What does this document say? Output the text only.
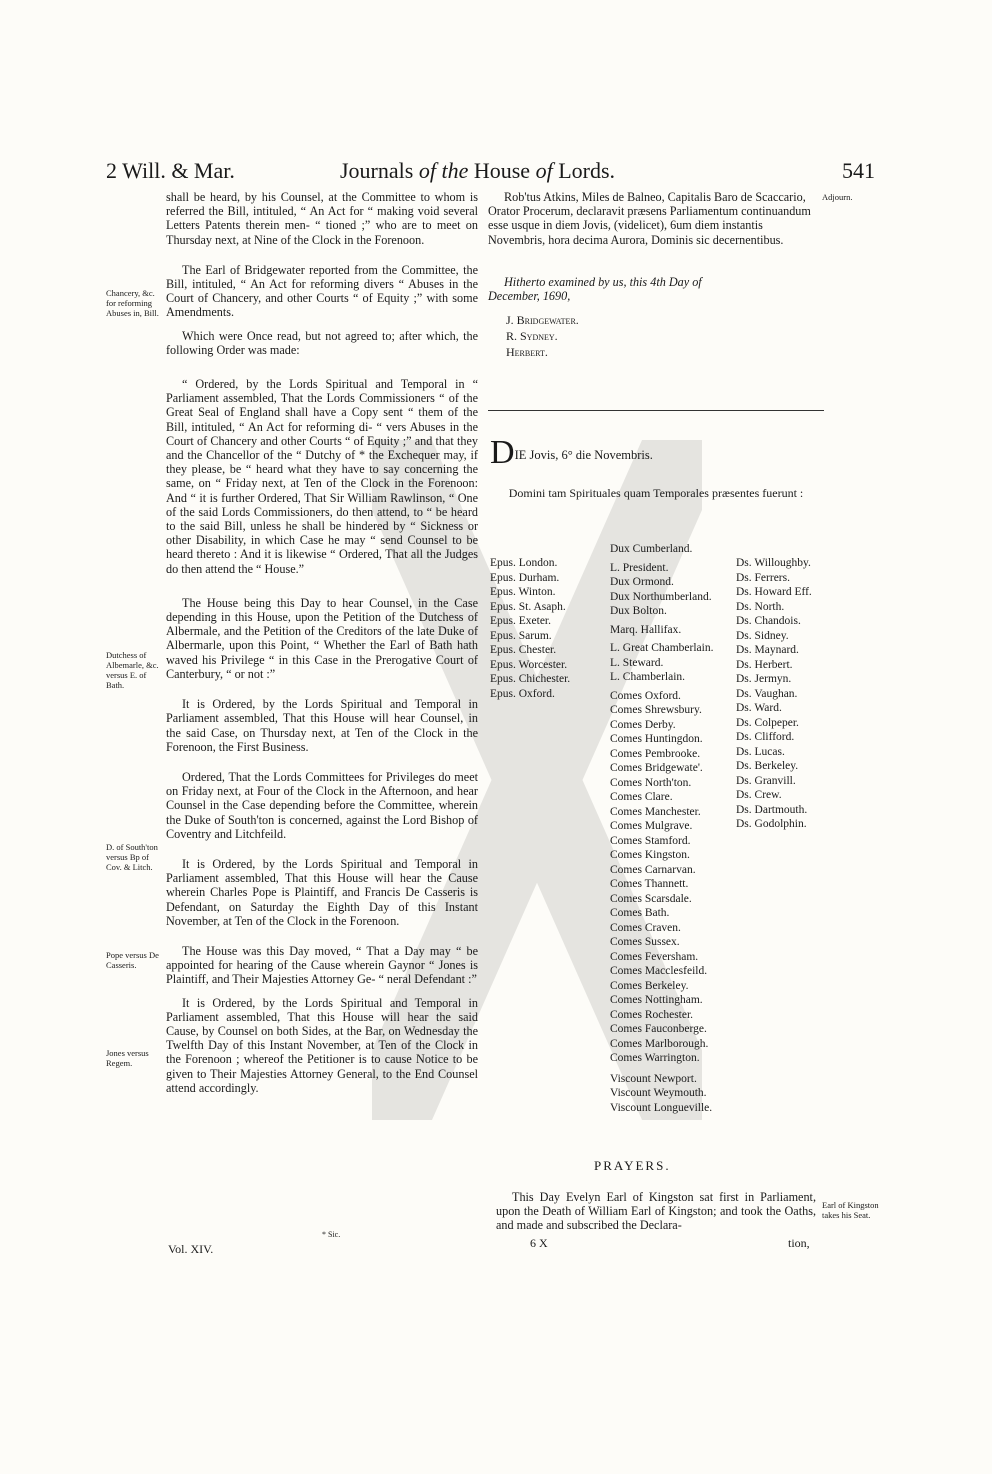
2 Will. & Mar.	Journals of the House of Lords.	541
Chancery, &c. for reforming Abuses in, Bill.
Dutchess of Albemarle, &c. versus E. of Bath.
D. of South'ton versus Bp of Cov. & Litch.
Pope versus De Casseris.
Jones versus Regem.

shall be heard, by his Counsel, at the Committee to whom is referred the Bill, intituled, “ An Act for “ making void several Letters Patents therein men- “ tioned ;” who are to meet on Thursday next, at Nine of the Clock in the Forenoon.

The Earl of Bridgewater reported from the Committee, the Bill, intituled, “ An Act for reforming divers “ Abuses in the Court of Chancery, and other Courts “ of Equity ;” with some Amendments.

Which were Once read, but not agreed to; after which, the following Order was made:

“ Ordered, by the Lords Spiritual and Temporal in “ Parliament assembled, That the Lords Commissioners “ of the Great Seal of England shall have a Copy sent “ them of the Bill, intituled, “ An Act for reforming di- “ vers Abuses in the Court of Chancery and other Courts “ of Equity ;” and that they and the Chancellor of the “ Dutchy of * the Exchequer may, if they please, be “ heard what they have to say concerning the same, on “ Friday next, at Ten of the Clock in the Forenoon: And “ it is further Ordered, That Sir William Rawlinson, “ One of the said Lords Commissioners, do then attend, to “ be heard to the said Bill, unless he shall be hindered by “ Sickness or other Disability, in which Case he may “ send Counsel to be heard thereto : And it is likewise “ Ordered, That all the Judges do then attend the “ House.”

The House being this Day to hear Counsel, in the Case depending in this House, upon the Petition of the Dutchess of Albermale, and the Petition of the Creditors of the late Duke of Albermarle, upon this Point, “ Whether the Earl of Bath hath waved his Privilege “ in this Case in the Prerogative Court of Canterbury, “ or not :”

It is Ordered, by the Lords Spiritual and Temporal in Parliament assembled, That this House will hear Counsel, in the said Case, on Thursday next, at Ten of the Clock in the Forenoon, the First Business.

Ordered, That the Lords Committees for Privileges do meet on Friday next, at Four of the Clock in the Afternoon, and hear Counsel in the Case depending before the Committee, wherein the Duke of South'ton is concerned, against the Lord Bishop of Coventry and Litchfeild.

It is Ordered, by the Lords Spiritual and Temporal in Parliament assembled, That this House will hear the Cause wherein Charles Pope is Plaintiff, and Francis De Casseris is Defendant, on Saturday the Eighth Day of this Instant November, at Ten of the Clock in the Forenoon.

The House was this Day moved, “ That a Day may “ be appointed for hearing of the Cause wherein Gaynor “ Jones is Plaintiff, and Their Majesties Attorney Ge- “ neral Defendant :”

It is Ordered, by the Lords Spiritual and Temporal in Parliament assembled, That this House will hear the said Cause, by Counsel on both Sides, at the Bar, on Wednesday the Twelfth Day of this Instant November, at Ten of the Clock in the Forenoon ; whereof the Petitioner is to cause Notice to be given to Their Majesties Attorney General, to the End Counsel attend accordingly.

* Sic.
Vol. XIV.
Adjourn.
Earl of Kingston takes his Seat.

Rob'tus Atkins, Miles de Balneo, Capitalis Baro de Scaccario, Orator Procerum, declaravit præsens Parliamentum continuandum esse usque in diem Jovis, (videlicet), 6um diem instantis Novembris, hora decima Aurora, Dominis sic decernentibus.

Hitherto examined by us, this 4th Day of December, 1690,

J. Bridgewater.
R. Sydney.
Herbert.
DIE Jovis, 6° die Novembris.
Domini tam Spirituales quam Temporales præsentes fuerunt :
Epus. London.
Epus. Durham.
Epus. Winton.
Epus. St. Asaph.
Epus. Exeter.
Epus. Sarum.
Epus. Chester.
Epus. Worcester.
Epus. Chichester.
Epus. Oxford.
Dux Cumberland.
L. President.
Dux Ormond.
Dux Northumberland.
Dux Bolton.
Marq. Hallifax.
L. Great Chamberlain.
L. Steward.
L. Chamberlain.
Comes Oxford.
Comes Shrewsbury.
Comes Derby.
Comes Huntingdon.
Comes Pembrooke.
Comes Bridgewate'.
Comes North'ton.
Comes Clare.
Comes Manchester.
Comes Mulgrave.
Comes Stamford.
Comes Kingston.
Comes Carnarvan.
Comes Thannett.
Comes Scarsdale.
Comes Bath.
Comes Craven.
Comes Sussex.
Comes Feversham.
Comes Macclesfeild.
Comes Berkeley.
Comes Nottingham.
Comes Rochester.
Comes Fauconberge.
Comes Marlborough.
Comes Warrington.
Viscount Newport.
Viscount Weymouth.
Viscount Longueville.
Ds. Willoughby.
Ds. Ferrers.
Ds. Howard Eff.
Ds. North.
Ds. Chandois.
Ds. Sidney.
Ds. Maynard.
Ds. Herbert.
Ds. Jermyn.
Ds. Vaughan.
Ds. Ward.
Ds. Colpeper.
Ds. Clifford.
Ds. Lucas.
Ds. Berkeley.
Ds. Granvill.
Ds. Crew.
Ds. Dartmouth.
Ds. Godolphin.
PRAYERS.
This Day Evelyn Earl of Kingston sat first in Parliament, upon the Death of William Earl of Kingston; and took the Oaths, and made and subscribed the Declara-
6 X	tion,
